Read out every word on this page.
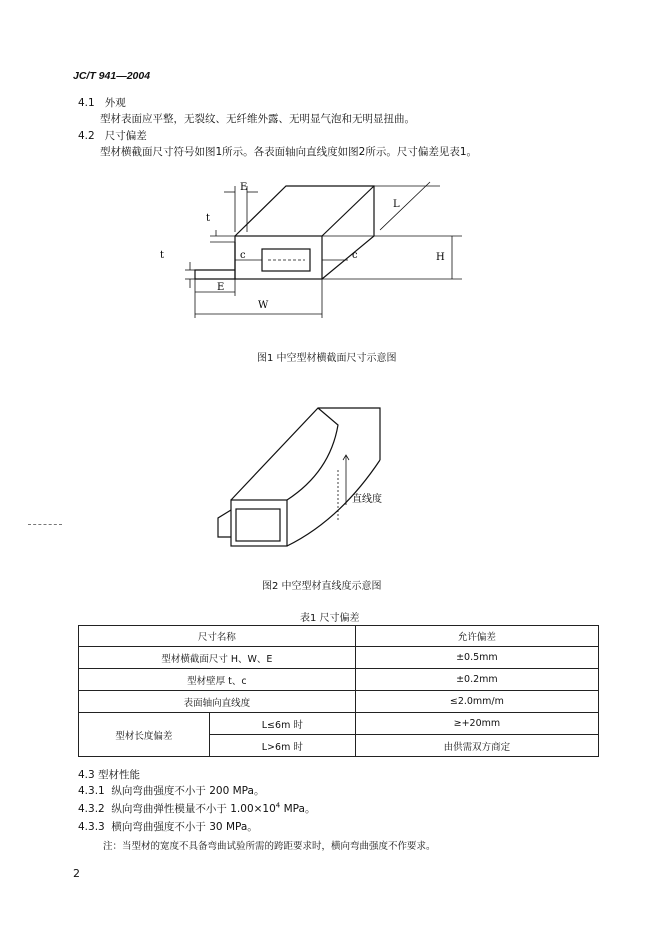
JC/T 941—2004
4.1 外观
型材表面应平整，无裂纹、无纤维外露、无明显气泡和无明显扭曲。
4.2 尺寸偏差
型材横截面尺寸符号如图1所示。各表面轴向直线度如图2所示。尺寸偏差见表1。
E
t
L
t	c	c	H
E
W
图1 中空型材横截面尺寸示意图
直线度
图2 中空型材直线度示意图
表1 尺寸偏差
尺寸名称		允许偏差
型材横截面尺寸 H、W、E		±0.5mm
型材壁厚 t、c		±0.2mm
表面轴向直线度		≤2.0mm/m
型材长度偏差	L≤6m 时	≥+20mm
	L>6m 时	由供需双方商定
4.3 型材性能
4.3.1 纵向弯曲强度不小于 200 MPa。
4.3.2 纵向弯曲弹性模量不小于 $1.00\times 10^4$ MPa。
4.3.3 横向弯曲强度不小于 30 MPa。
注：当型材的宽度不具备弯曲试验所需的跨距要求时，横向弯曲强度不作要求。
2
